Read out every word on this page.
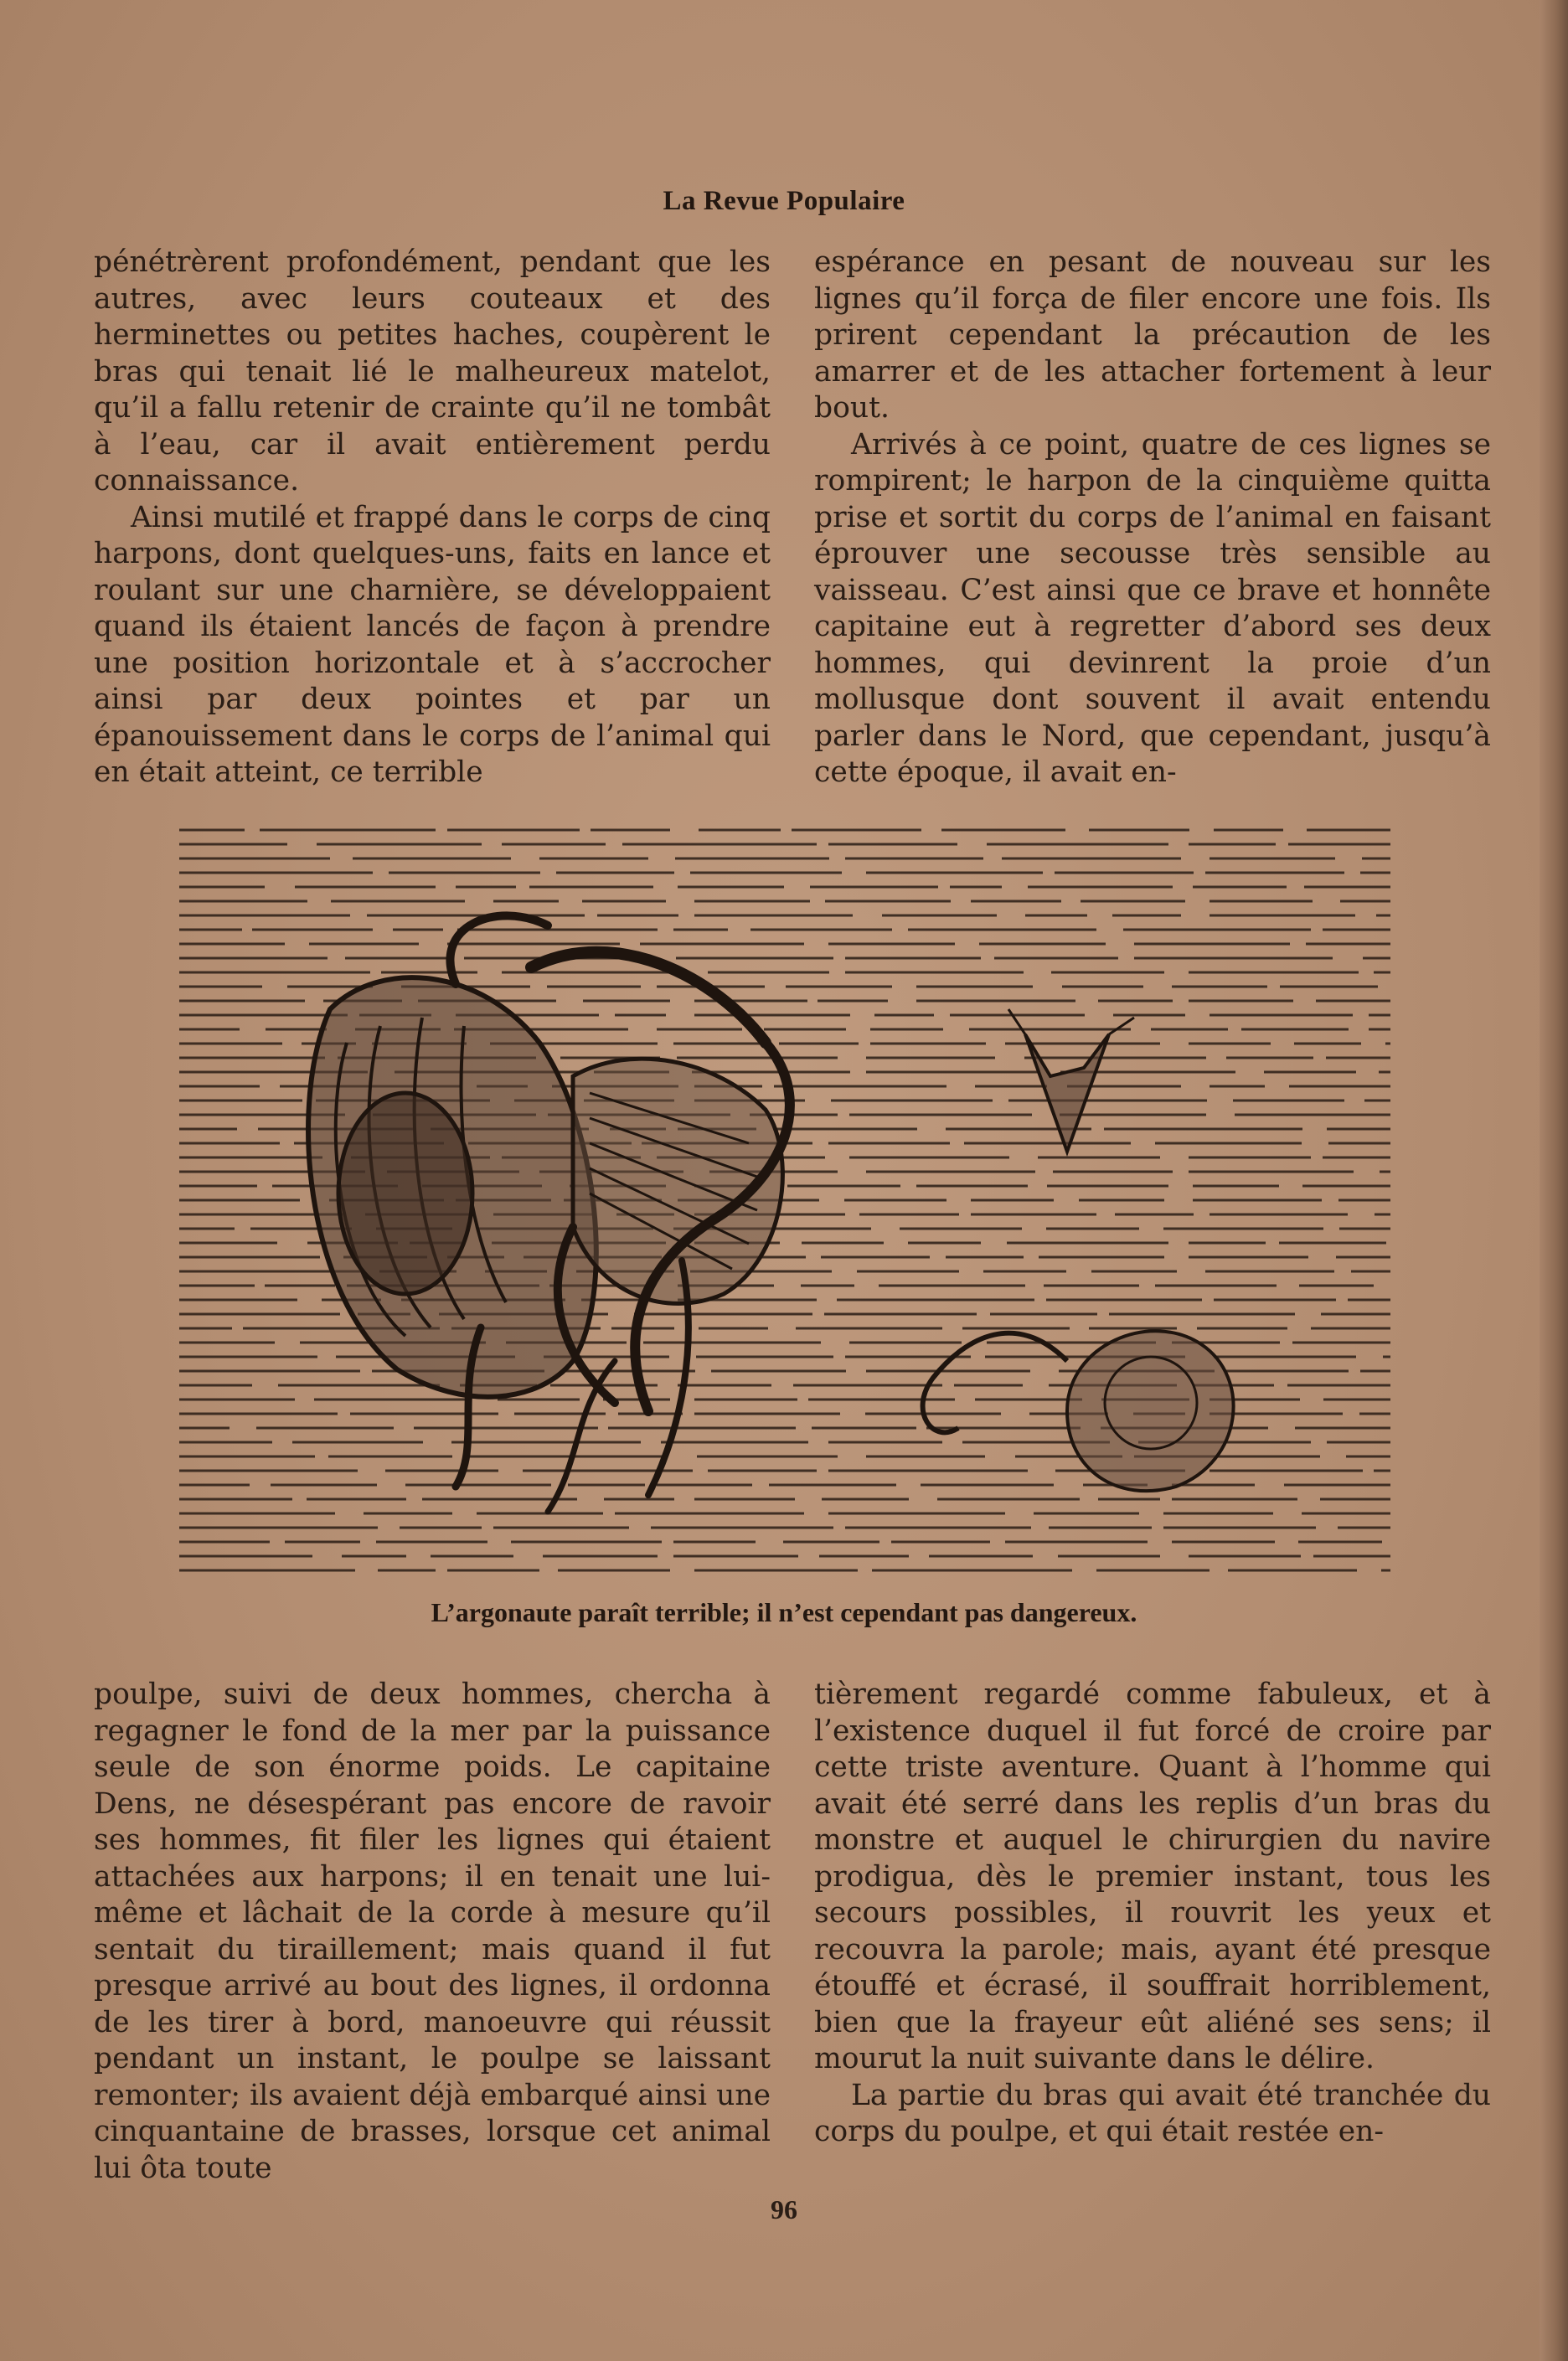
La Revue Populaire

pénétrèrent profondément, pendant que les autres, avec leurs couteaux et des herminettes ou petites haches, coupèrent le bras qui tenait lié le malheureux matelot, qu’il a fallu retenir de crainte qu’il ne tombât à l’eau, car il avait entièrement perdu connaissance.

Ainsi mutilé et frappé dans le corps de cinq harpons, dont quelques-uns, faits en lance et roulant sur une charnière, se développaient quand ils étaient lancés de façon à prendre une position horizontale et à s’accrocher ainsi par deux pointes et par un épanouissement dans le corps de l’animal qui en était atteint, ce terrible

espérance en pesant de nouveau sur les lignes qu’il força de filer encore une fois. Ils prirent cependant la précaution de les amarrer et de les attacher fortement à leur bout.

Arrivés à ce point, quatre de ces lignes se rompirent; le harpon de la cinquième quitta prise et sortit du corps de l’animal en faisant éprouver une secousse très sensible au vaisseau. C’est ainsi que ce brave et honnête capitaine eut à regretter d’abord ses deux hommes, qui devinrent la proie d’un mollusque dont souvent il avait entendu parler dans le Nord, que cependant, jusqu’à cette époque, il avait en-

L’argonaute paraît terrible; il n’est cependant pas dangereux.

poulpe, suivi de deux hommes, chercha à regagner le fond de la mer par la puissance seule de son énorme poids. Le capitaine Dens, ne désespérant pas encore de ravoir ses hommes, fit filer les lignes qui étaient attachées aux harpons; il en tenait une lui-même et lâchait de la corde à mesure qu’il sentait du tiraillement; mais quand il fut presque arrivé au bout des lignes, il ordonna de les tirer à bord, manoeuvre qui réussit pendant un instant, le poulpe se laissant remonter; ils avaient déjà embarqué ainsi une cinquantaine de brasses, lorsque cet animal lui ôta toute

tièrement regardé comme fabuleux, et à l’existence duquel il fut forcé de croire par cette triste aventure. Quant à l’homme qui avait été serré dans les replis d’un bras du monstre et auquel le chirurgien du navire prodigua, dès le premier instant, tous les secours possibles, il rouvrit les yeux et recouvra la parole; mais, ayant été presque étouffé et écrasé, il souffrait horriblement, bien que la frayeur eût aliéné ses sens; il mourut la nuit suivante dans le délire.

La partie du bras qui avait été tranchée du corps du poulpe, et qui était restée en-

96
